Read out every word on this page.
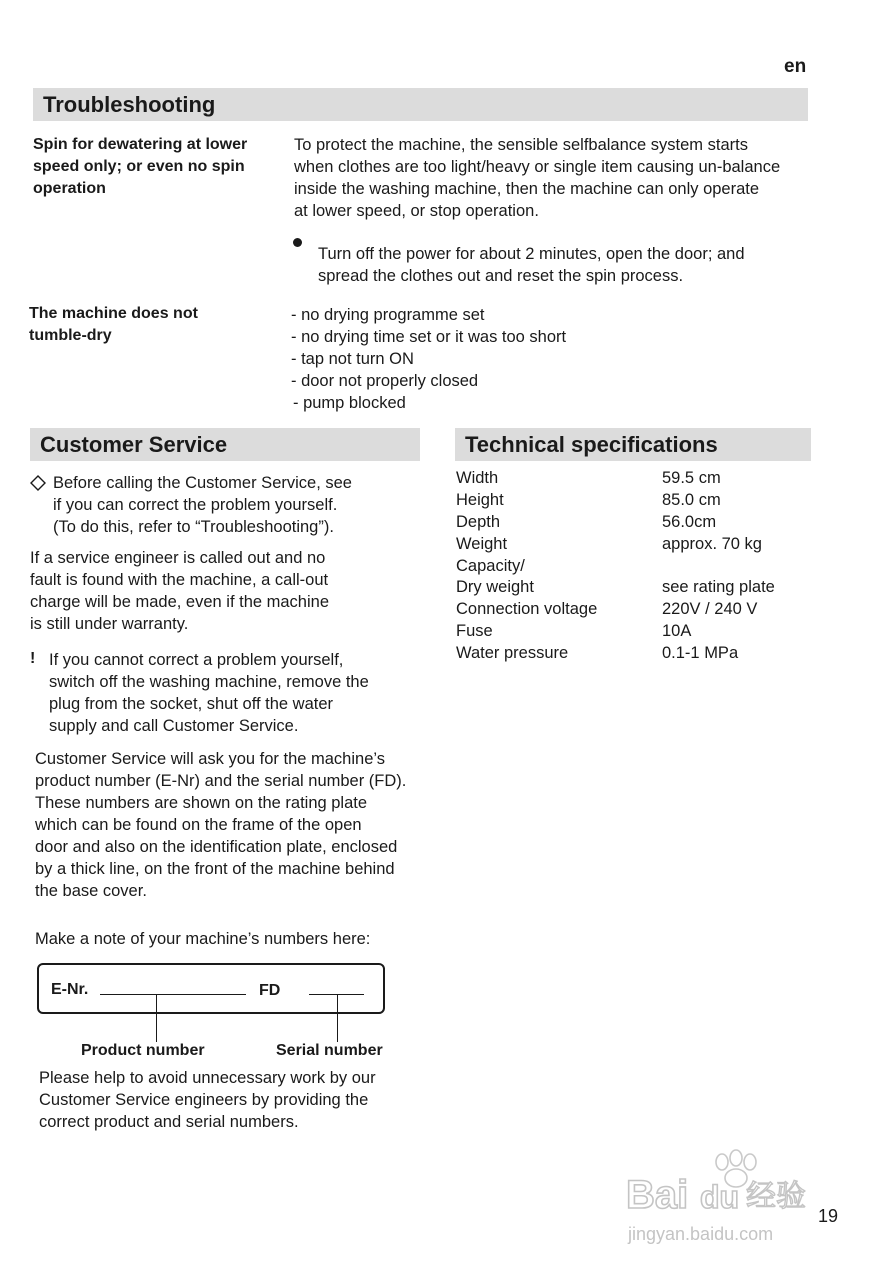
en
Troubleshooting
Spin for dewatering at lower
speed only; or even no spin
operation
To protect the machine, the sensible selfbalance system starts
when clothes are too light/heavy or single item causing un-balance
inside the washing machine, then the machine can only operate
at lower speed, or stop operation.
Turn off the power for about 2 minutes, open the door; and
spread the clothes out and reset the spin process.
The machine does not
tumble-dry
- no drying programme set
- no drying time set or it was too short
- tap not turn ON
- door not properly closed
- pump blocked
Customer Service
Before calling the Customer Service, see
if you can correct the problem yourself.
(To do this, refer to “Troubleshooting”).
If a service engineer is called out and no
fault is found with the machine, a call-out
charge will be made, even if the machine
is still under warranty.
! If you cannot correct a problem yourself,
switch off the washing machine, remove the
plug from the socket, shut off the water
supply and call Customer Service.
Customer Service will ask you for the machine’s
product number (E-Nr) and the serial number (FD).
These numbers are shown on the rating plate
which can be found on the frame of the open
door and also on the identification plate, enclosed
by a thick line, on the front of the machine behind
the base cover.
Make a note of your machine’s numbers here:
E-Nr.	FD
Product number	Serial number
Please help to avoid unnecessary work by our
Customer Service engineers by providing the
correct product and serial numbers.
Technical specifications
Width	59.5 cm
Height	85.0 cm
Depth	56.0cm
Weight	approx. 70 kg
Capacity/
Dry weight	see rating plate
Connection voltage	220V / 240 V
Fuse	10A
Water pressure	0.1-1 MPa
Bai du 经验
jingyan.baidu.com
19
